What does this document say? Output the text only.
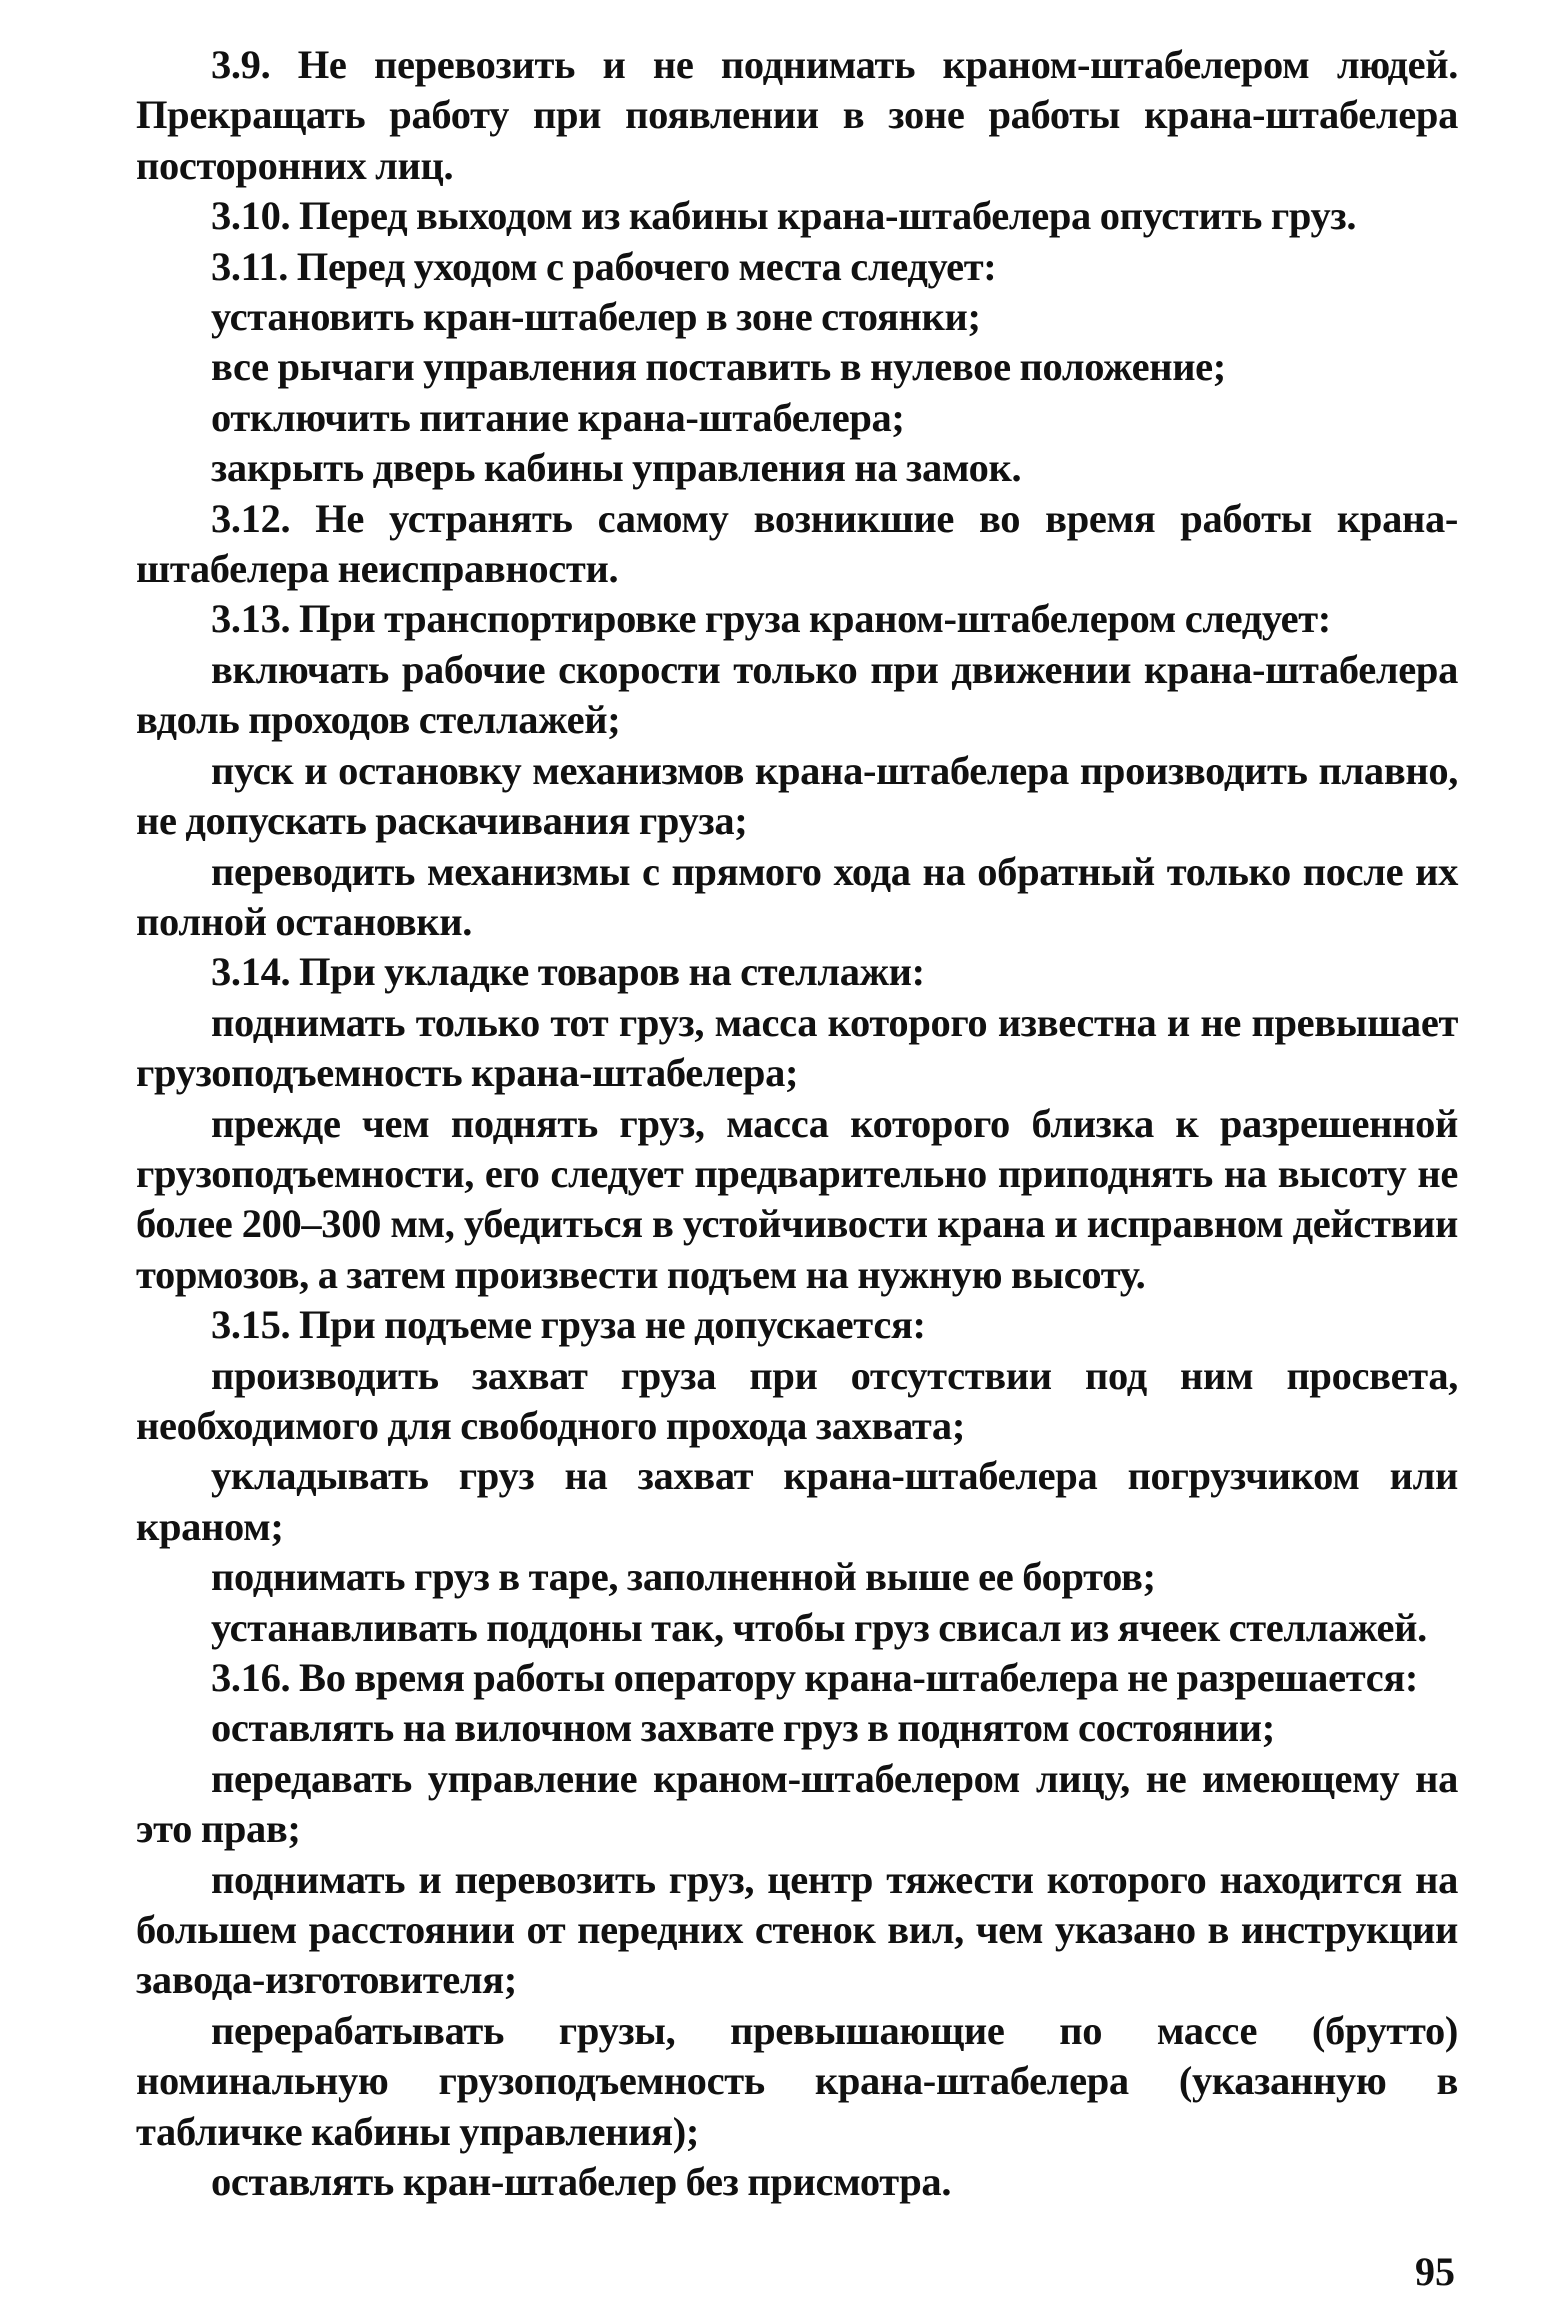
3.9. Не перевозить и не поднимать краном-штабелером людей. Прекращать работу при появлении в зоне работы крана-штабелера посторонних лиц.

3.10. Перед выходом из кабины крана-штабелера опустить груз.

3.11. Перед уходом с рабочего места следует:

установить кран-штабелер в зоне стоянки;

все рычаги управления поставить в нулевое положение;

отключить питание крана-штабелера;

закрыть дверь кабины управления на замок.

3.12. Не устранять самому возникшие во время работы крана-штабелера неисправности.

3.13. При транспортировке груза краном-штабелером следует:

включать рабочие скорости только при движении крана-штабелера вдоль проходов стеллажей;

пуск и остановку механизмов крана-штабелера производить плавно, не допускать раскачивания груза;

переводить механизмы с прямого хода на обратный только после их полной остановки.

3.14. При укладке товаров на стеллажи:

поднимать только тот груз, масса которого известна и не превышает грузоподъемность крана-штабелера;

прежде чем поднять груз, масса которого близка к разрешенной грузоподъемности, его следует предварительно приподнять на высоту не более 200–300 мм, убедиться в устойчивости крана и исправном действии тормозов, а затем произвести подъем на нужную высоту.

3.15. При подъеме груза не допускается:

производить захват груза при отсутствии под ним просвета, необходимого для свободного прохода захвата;

укладывать груз на захват крана-штабелера погрузчиком или краном;

поднимать груз в таре, заполненной выше ее бортов;

устанавливать поддоны так, чтобы груз свисал из ячеек стеллажей.

3.16. Во время работы оператору крана-штабелера не разрешается:

оставлять на вилочном захвате груз в поднятом состоянии;

передавать управление краном-штабелером лицу, не имеющему на это прав;

поднимать и перевозить груз, центр тяжести которого находится на большем расстоянии от передних стенок вил, чем указано в инструкции завода-изготовителя;

перерабатывать грузы, превышающие по массе (брутто) номинальную грузоподъемность крана-штабелера (указанную в табличке кабины управления);

оставлять кран-штабелер без присмотра.

95
